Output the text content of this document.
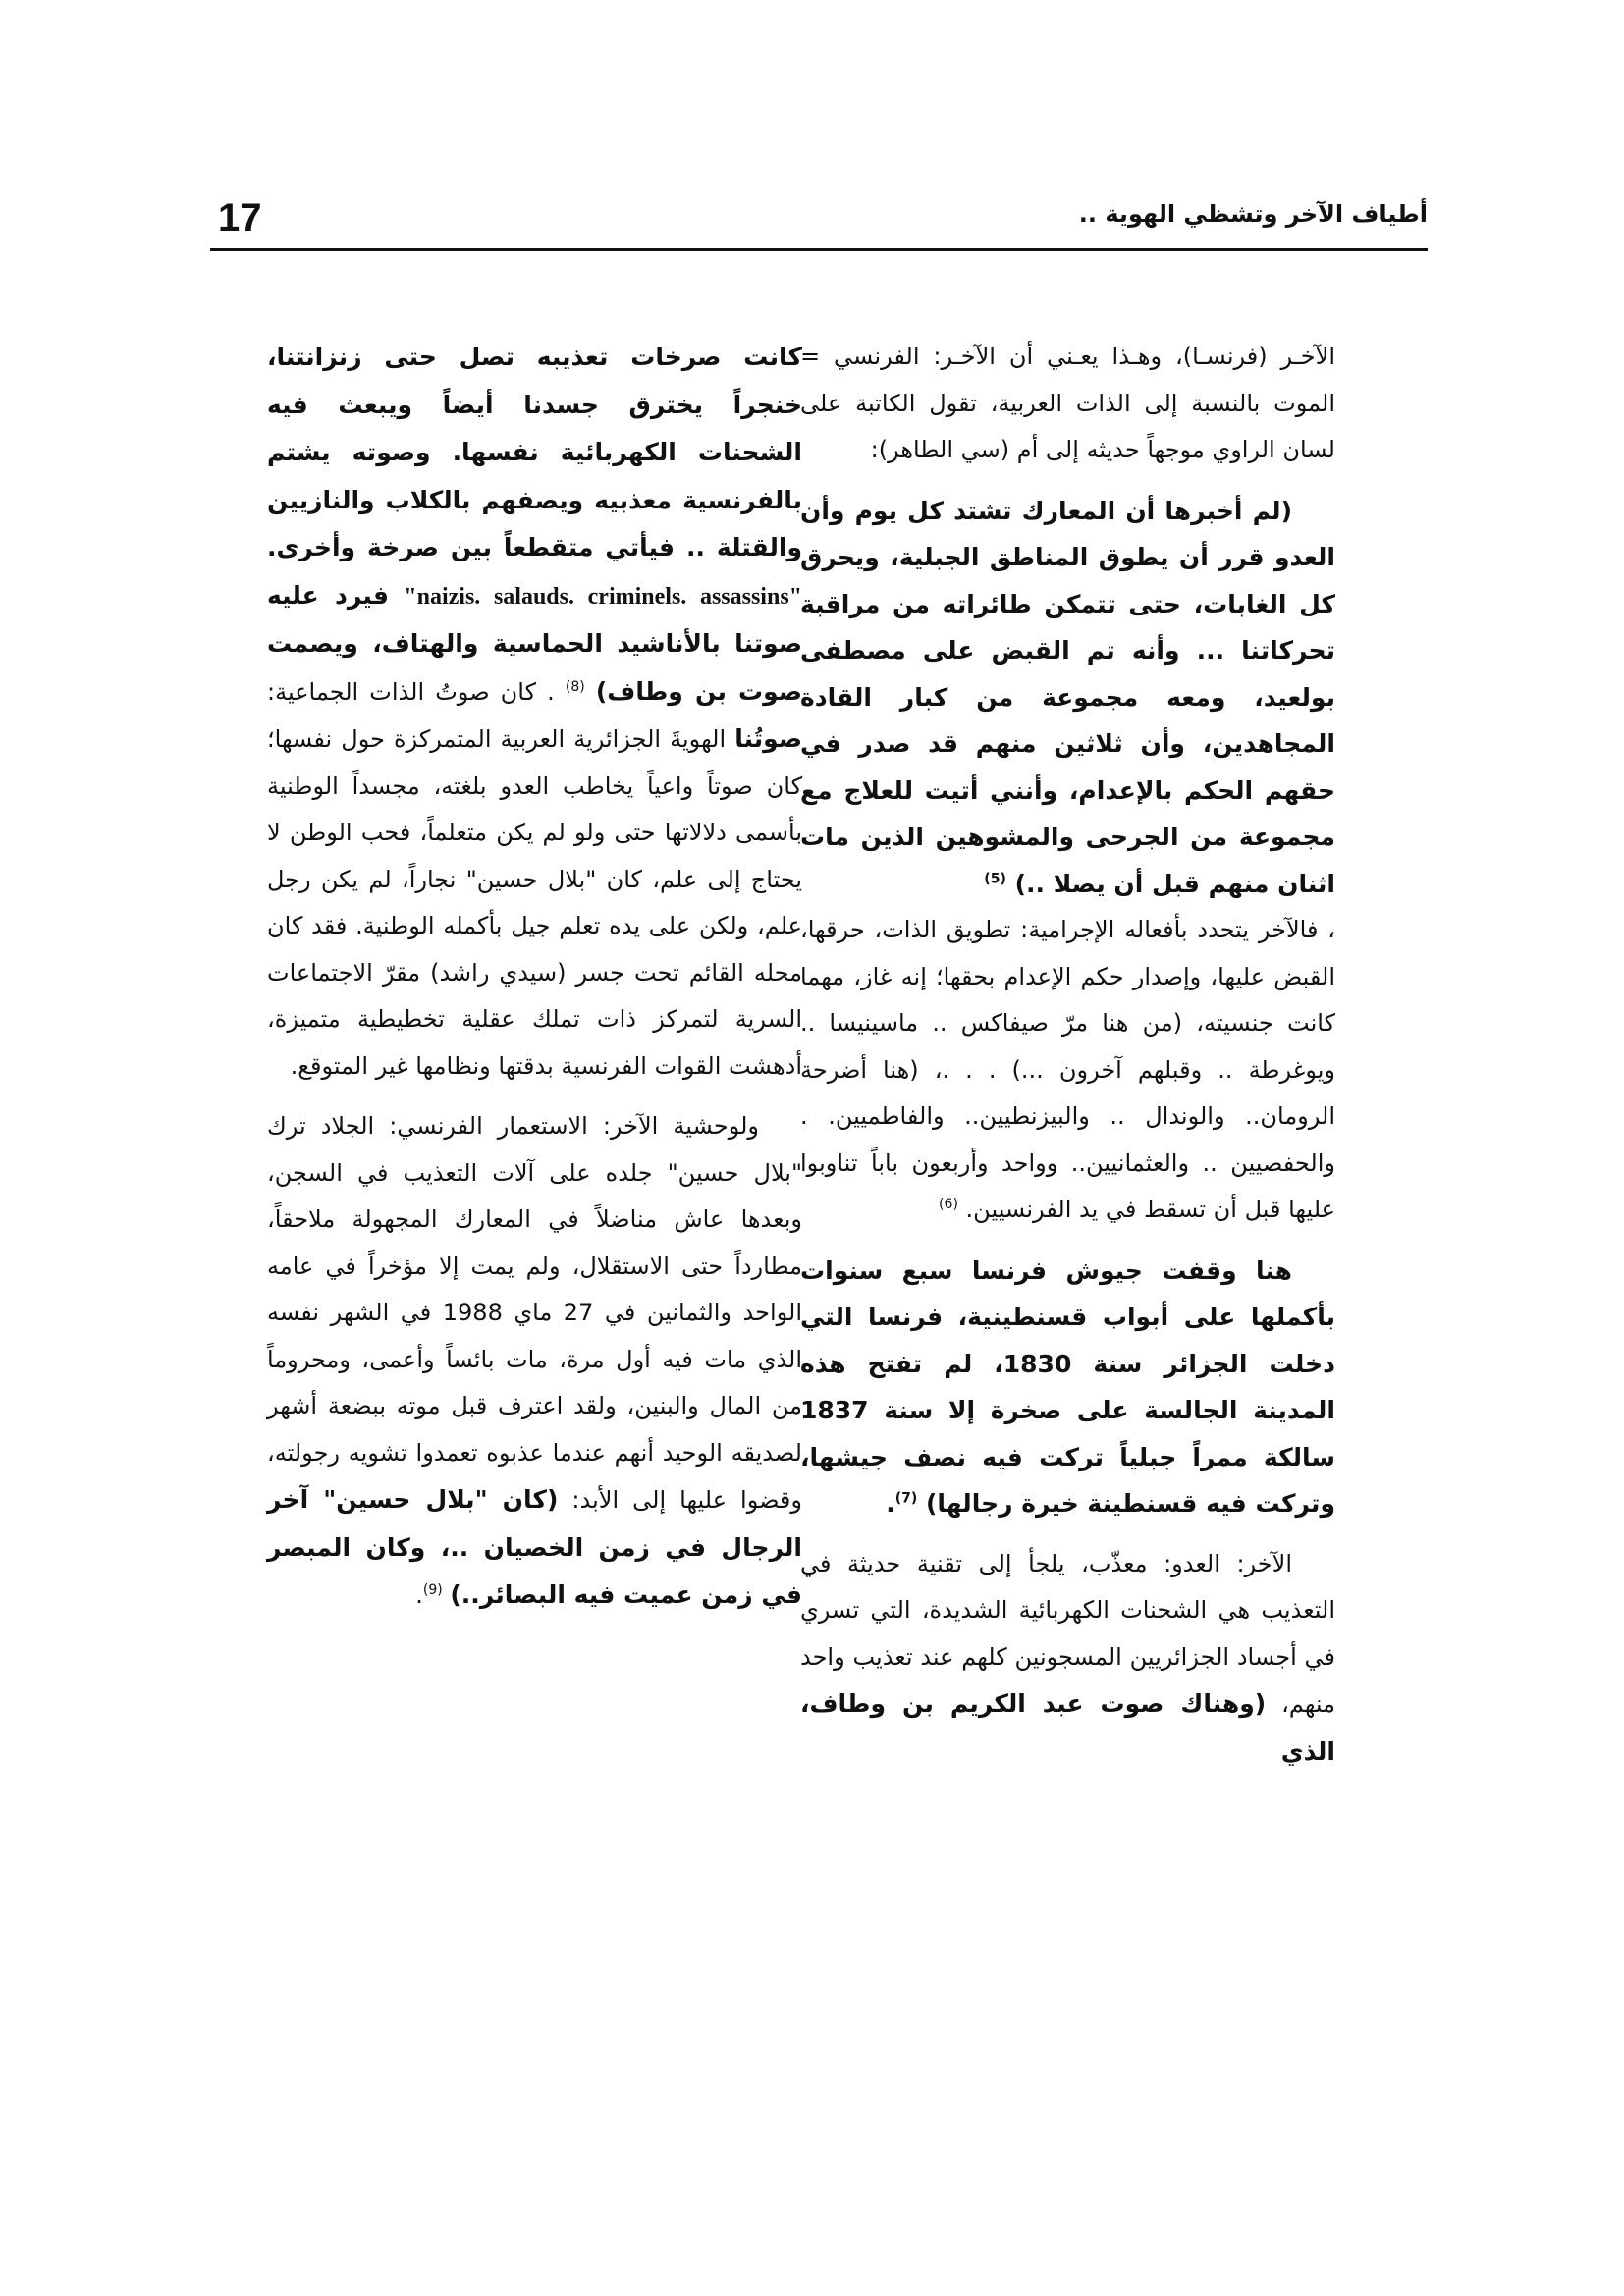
17	أطياف الآخر وتشظي الهوية ..

الآخـر (فرنسـا)، وهـذا يعـني أن الآخـر: الفرنسي = الموت بالنسبة إلى الذات العربية، تقول الكاتبة على لسان الراوي موجهاً حديثه إلى أم (سي الطاهر):

(لم أخبرها أن المعارك تشتد كل يوم وأن العدو قرر أن يطوق المناطق الجبلية، ويحرق كل الغابات، حتى تتمكن طائراته من مراقبة تحركاتنا ... وأنه تم القبض على مصطفى بولعيد، ومعه مجموعة من كبار القادة المجاهدين، وأن ثلاثين منهم قد صدر في حقهم الحكم بالإعدام، وأنني أتيت للعلاج مع مجموعة من الجرحى والمشوهين الذين مات اثنان منهم قبل أن يصلا ..) $^{(5)}$

، فالآخر يتحدد بأفعاله الإجرامية: تطويق الذات، حرقها، القبض عليها، وإصدار حكم الإعدام بحقها؛ إنه غاز، مهما كانت جنسيته، (من هنا مرّ صيفاكس .. ماسينيسا .. ويوغرطة .. وقبلهم آخرون ...) . . .، (هنا أضرحة الرومان.. والوندال .. والبيزنطيين.. والفاطميين. . والحفصيين .. والعثمانيين.. وواحد وأربعون باباً تناوبوا عليها قبل أن تسقط في يد الفرنسيين. $^{(6)}$

هنا وقفت جيوش فرنسا سبع سنوات بأكملها على أبواب قسنطينية، فرنسا التي دخلت الجزائر سنة 1830، لم تفتح هذه المدينة الجالسة على صخرة إلا سنة 1837 سالكة ممراً جبلياً تركت فيه نصف جيشها، وتركت فيه قسنطينة خيرة رجالها) $^{(7)}$.

الآخر: العدو: معذّب، يلجأ إلى تقنية حديثة في التعذيب هي الشحنات الكهربائية الشديدة، التي تسري في أجساد الجزائريين المسجونين كلهم عند تعذيب واحد منهم، (وهناك صوت عبد الكريم بن وطاف، الذي

كانت صرخات تعذيبه تصل حتى زنزانتنا، خنجراً يخترق جسدنا أيضاً ويبعث فيه الشحنات الكهربائية نفسها. وصوته يشتم بالفرنسية معذبيه ويصفهم بالكلاب والنازيين والقتلة .. فيأتي متقطعاً بين صرخة وأخرى. "naizis. salauds. criminels. assassins" فيرد عليه صوتنا بالأناشيد الحماسية والهتاف، ويصمت صوت بن وطاف) $^{(8)}$ . كان صوتُ الذات الجماعية: صوتُنا الهويةَ الجزائرية العربية المتمركزة حول نفسها؛ كان صوتاً واعياً يخاطب العدو بلغته، مجسداً الوطنية بأسمى دلالاتها حتى ولو لم يكن متعلماً، فحب الوطن لا يحتاج إلى علم، كان "بلال حسين" نجاراً، لم يكن رجل علم، ولكن على يده تعلم جيل بأكمله الوطنية. فقد كان محله القائم تحت جسر (سيدي راشد) مقرّ الاجتماعات السرية لتمركز ذات تملك عقلية تخطيطية متميزة، أدهشت القوات الفرنسية بدقتها ونظامها غير المتوقع.

ولوحشية الآخر: الاستعمار الفرنسي: الجلاد ترك "بلال حسين" جلده على آلات التعذيب في السجن، وبعدها عاش مناضلاً في المعارك المجهولة ملاحقاً، مطارداً حتى الاستقلال، ولم يمت إلا مؤخراً في عامه الواحد والثمانين في 27 ماي 1988 في الشهر نفسه الذي مات فيه أول مرة، مات بائساً وأعمى، ومحروماً من المال والبنين، ولقد اعترف قبل موته ببضعة أشهر لصديقه الوحيد أنهم عندما عذبوه تعمدوا تشويه رجولته، وقضوا عليها إلى الأبد: (كان "بلال حسين" آخر الرجال في زمن الخصيان ..، وكان المبصر في زمن عميت فيه البصائر..) $^{(9)}$.
